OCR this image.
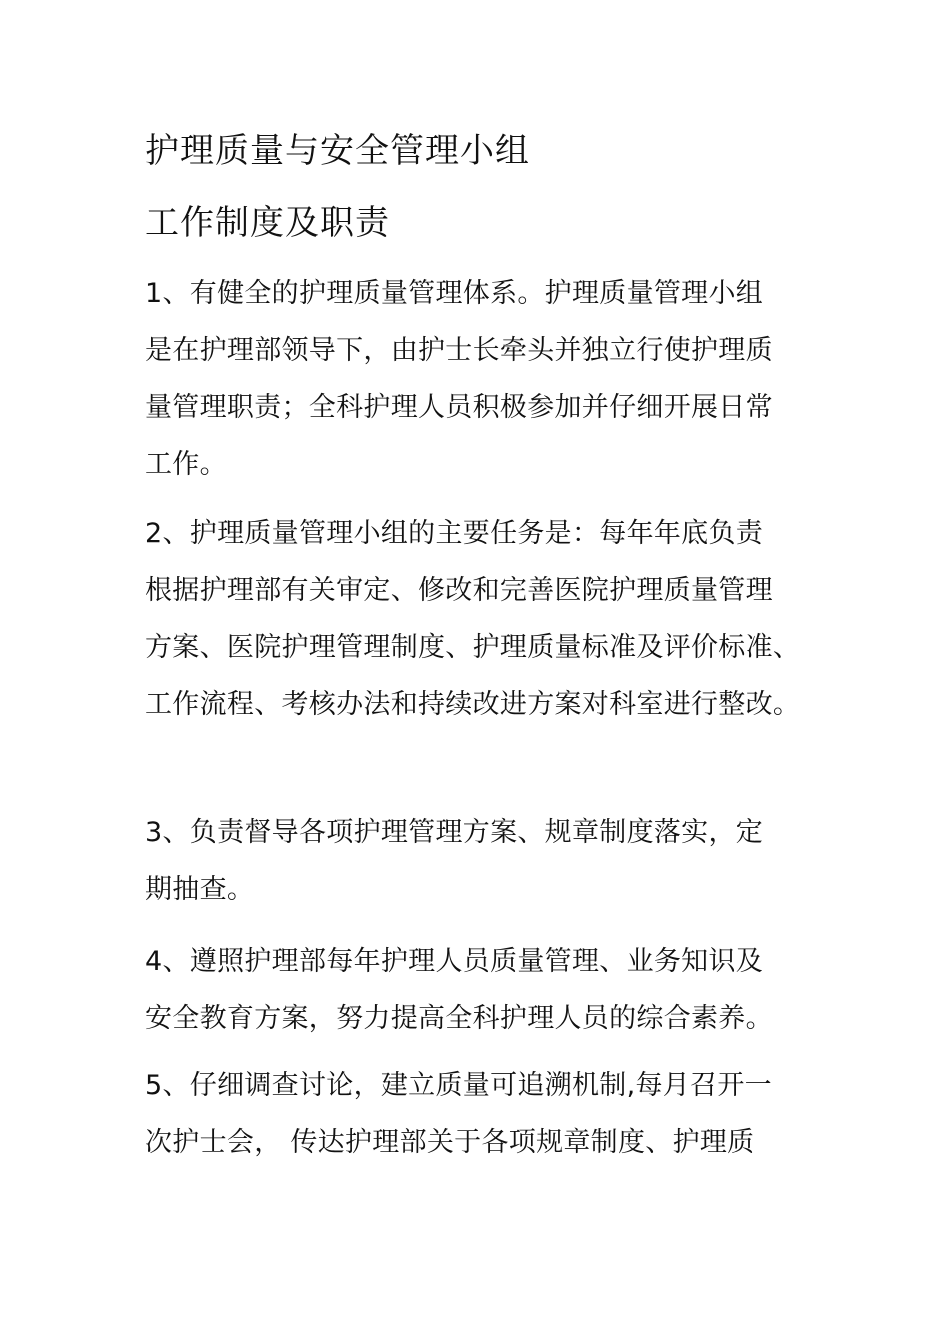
护理质量与安全管理小组
工作制度及职责
1、有健全的护理质量管理体系。护理质量管理小组
是在护理部领导下，由护士长牵头并独立行使护理质
量管理职责；全科护理人员积极参加并仔细开展日常
工作。
2、护理质量管理小组的主要任务是：每年年底负责
根据护理部有关审定、修改和完善医院护理质量管理
方案、医院护理管理制度、护理质量标准及评价标准、
工作流程、考核办法和持续改进方案对科室进行整改。
3、负责督导各项护理管理方案、规章制度落实，定
期抽查。
4、遵照护理部每年护理人员质量管理、业务知识及
安全教育方案，努力提高全科护理人员的综合素养。
5、仔细调查讨论，建立质量可追溯机制,每月召开一
次护士会， 传达护理部关于各项规章制度、护理质
